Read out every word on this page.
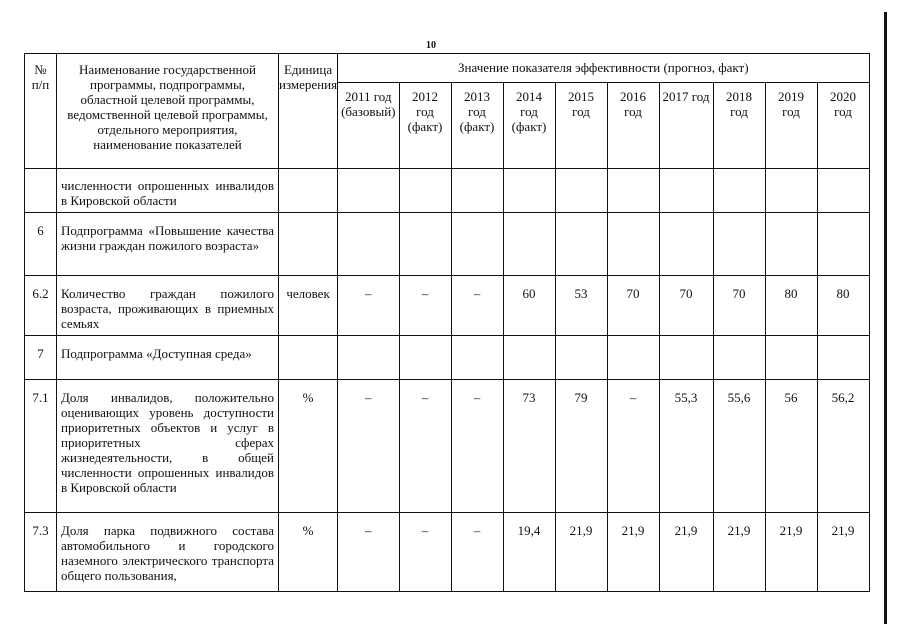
10
№
п/п	Наименование государственной программы, подпрограммы, областной целевой программы, ведомственной целевой программы, отдельного мероприятия, наименование показателей	Единица измерения	Значение показателя эффективности (прогноз, факт)									
			2011 год (базовый)	2012 год (факт)	2013 год (факт)	2014 год (факт)	2015 год	2016 год	2017 год	2018 год	2019 год	2020 год
	численности опрошенных инвалидов в Кировской области											
6	Подпрограмма «Повышение качества жизни граждан пожилого возраста»											
6.2	Количество граждан пожилого возраста, проживающих в приемных семьях	человек	–	–	–	60	53	70	70	70	80	80
7	Подпрограмма «Доступная среда»											
7.1	Доля инвалидов, положительно оценивающих уровень доступности приоритетных объектов и услуг в приоритетных сферах жизнедеятельности, в общей численности опрошенных инвалидов в Кировской области	%	–	–	–	73	79	–	55,3	55,6	56	56,2
7.3	Доля парка подвижного состава автомобильного и городского наземного электрического транспорта общего пользования,	%	–	–	–	19,4	21,9	21,9	21,9	21,9	21,9	21,9
